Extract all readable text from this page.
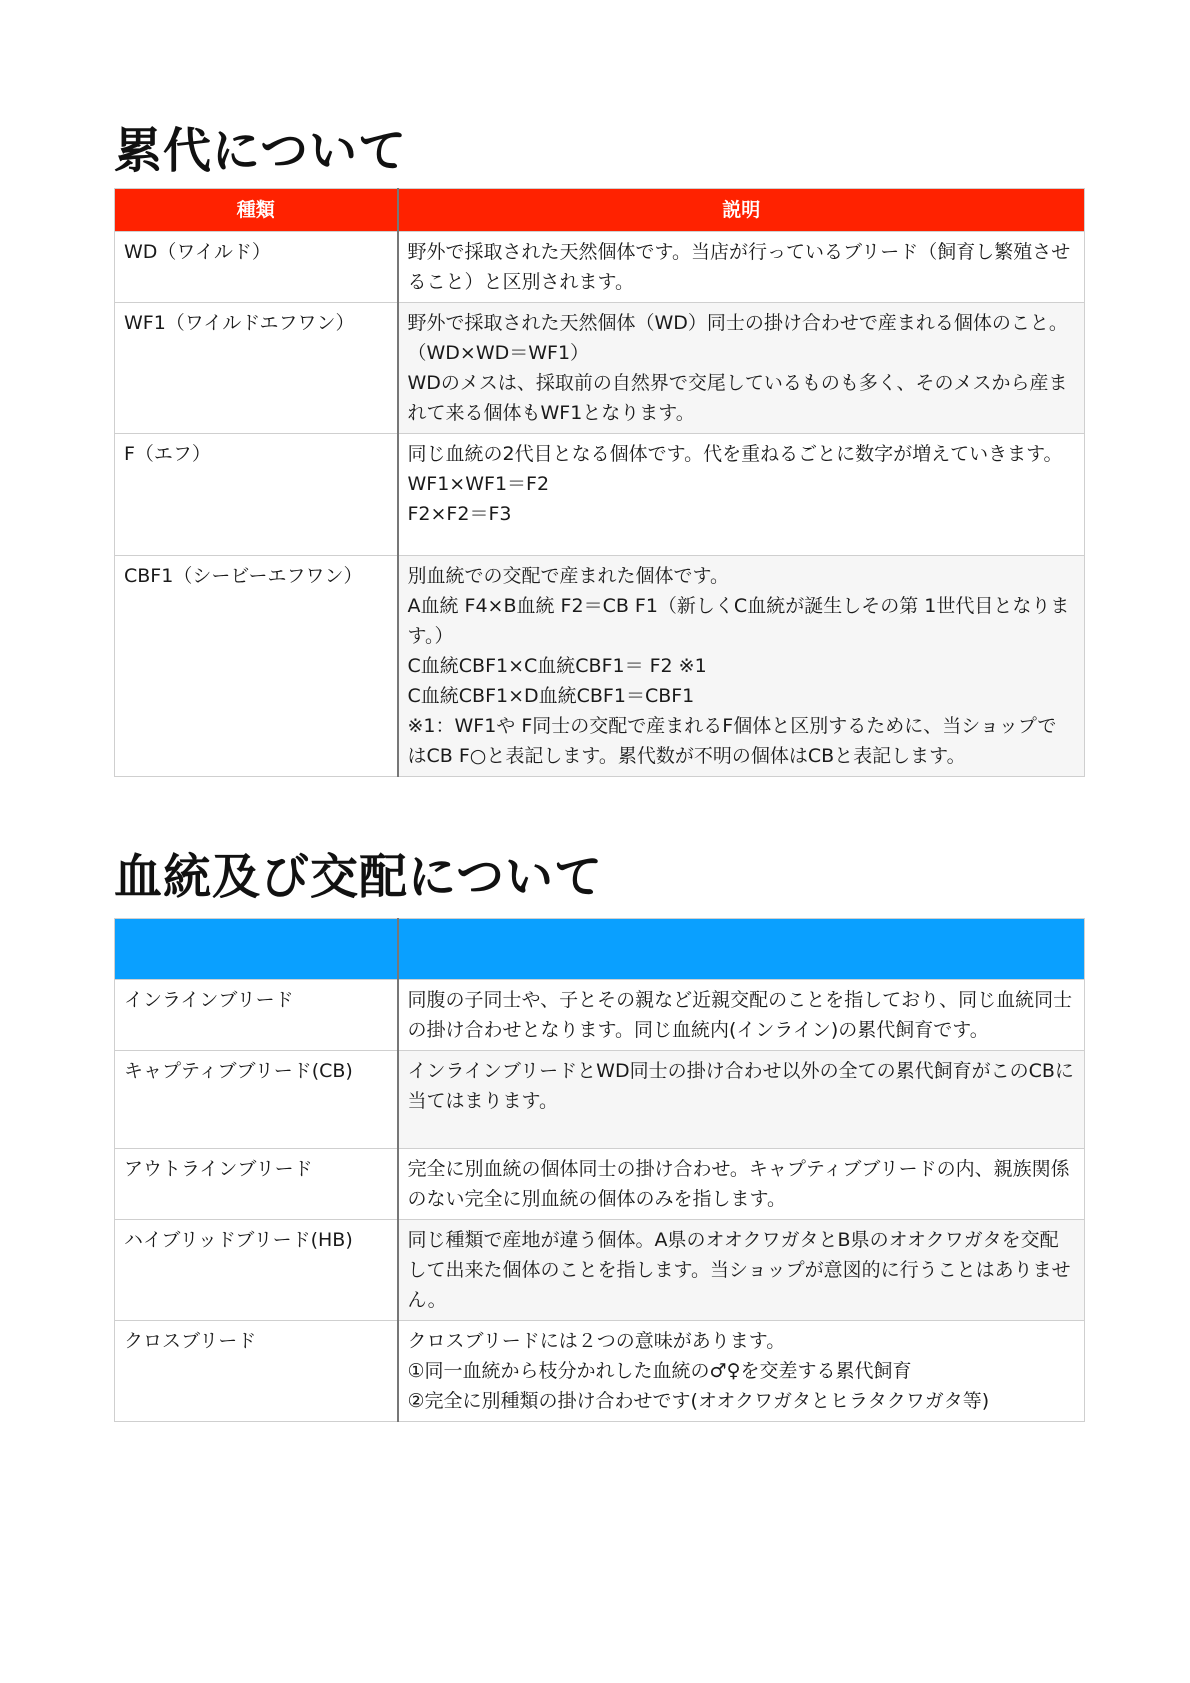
累代について
種類	説明
WD（ワイルド）	野外で採取された天然個体です。当店が行っているブリード（飼育し繁殖させること）と区別されます。
WF1（ワイルドエフワン）	野外で採取された天然個体（WD）同士の掛け合わせで産まれる個体のこと。（WD×WD＝WF1）
WDのメスは、採取前の自然界で交尾しているものも多く、そのメスから産まれて来る個体もWF1となります。
F（エフ）	同じ血統の2代目となる個体です。代を重ねるごとに数字が増えていきます。
WF1×WF1＝F2
F2×F2＝F3
CBF1（シービーエフワン）	別血統での交配で産まれた個体です。
A血統 F4×B血統 F2＝CB F1（新しくC血統が誕生しその第 1世代目となります。）
C血統CBF1×C血統CBF1＝ F2 ※1
C血統CBF1×D血統CBF1＝CBF1
※1：WF1や F同士の交配で産まれるF個体と区別するために、当ショップではCB F○と表記します。累代数が不明の個体はCBと表記します。
血統及び交配について

インラインブリード	同腹の子同士や、子とその親など近親交配のことを指しており、同じ血統同士の掛け合わせとなります。同じ血統内(インライン)の累代飼育です。
キャプティブブリード(CB)	インラインブリードとWD同士の掛け合わせ以外の全ての累代飼育がこのCBに当てはまります。
アウトラインブリード	完全に別血統の個体同士の掛け合わせ。キャプティブブリードの内、親族関係のない完全に別血統の個体のみを指します。
ハイブリッドブリード(HB)	同じ種類で産地が違う個体。A県のオオクワガタとB県のオオクワガタを交配して出来た個体のことを指します。当ショップが意図的に行うことはありません。
クロスブリード	クロスブリードには２つの意味があります。
①同一血統から枝分かれした血統の♂♀を交差する累代飼育
②完全に別種類の掛け合わせです(オオクワガタとヒラタクワガタ等)
